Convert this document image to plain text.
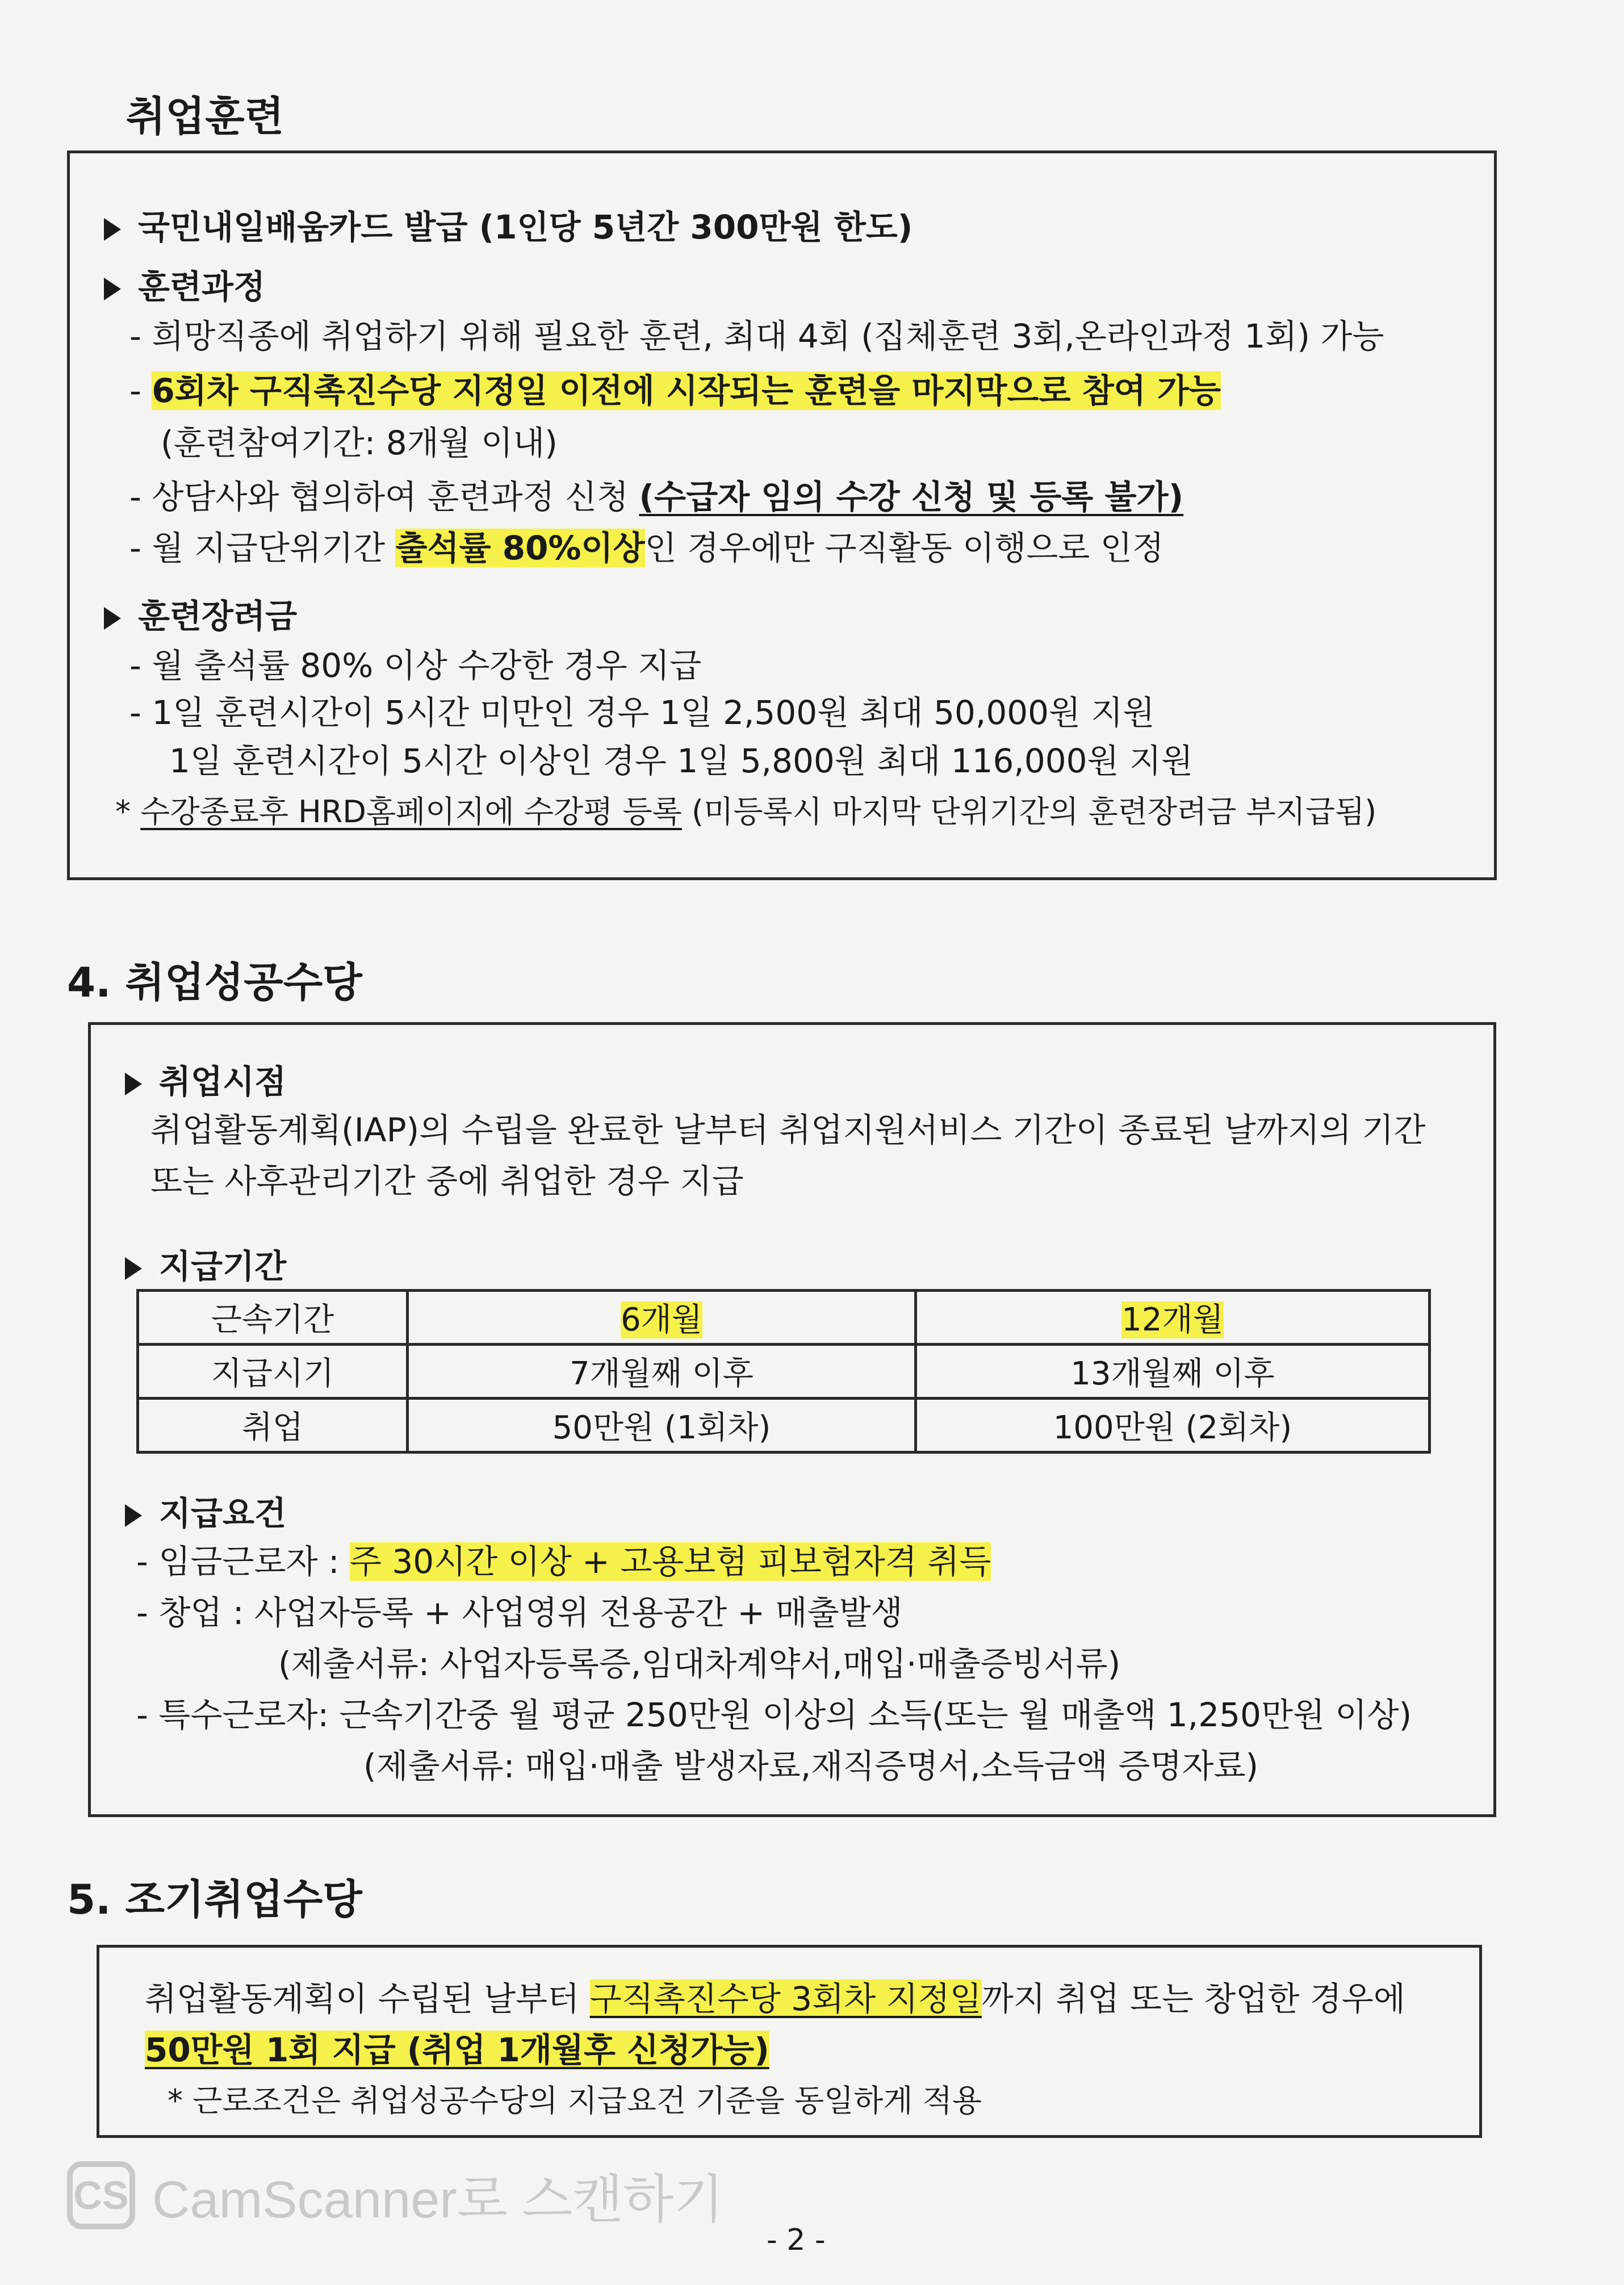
취업훈련
국민내일배움카드 발급 (1인당 5년간 300만원 한도)
훈련과정
- 희망직종에 취업하기 위해 필요한 훈련, 최대 4회 (집체훈련 3회,온라인과정 1회) 가능
- 6회차 구직촉진수당 지정일 이전에 시작되는 훈련을 마지막으로 참여 가능
(훈련참여기간: 8개월 이내)
- 상담사와 협의하여 훈련과정 신청 (수급자 임의 수강 신청 및 등록 불가)
- 월 지급단위기간 출석률 80%이상인 경우에만 구직활동 이행으로 인정
훈련장려금
- 월 출석률 80% 이상 수강한 경우 지급
- 1일 훈련시간이 5시간 미만인 경우 1일 2,500원 최대 50,000원 지원
1일 훈련시간이 5시간 이상인 경우 1일 5,800원 최대 116,000원 지원
* 수강종료후 HRD홈페이지에 수강평 등록 (미등록시 마지막 단위기간의 훈련장려금 부지급됨)
4. 취업성공수당
취업시점
취업활동계획(IAP)의 수립을 완료한 날부터 취업지원서비스 기간이 종료된 날까지의 기간
또는 사후관리기간 중에 취업한 경우 지급
지급기간
근속기간	6개월	12개월
지급시기	7개월째 이후	13개월째 이후
취업	50만원 (1회차)	100만원 (2회차)
지급요건
- 임금근로자 : 주 30시간 이상 + 고용보험 피보험자격 취득
- 창업 : 사업자등록 + 사업영위 전용공간 + 매출발생
(제출서류: 사업자등록증,임대차계약서,매입·매출증빙서류)
- 특수근로자: 근속기간중 월 평균 250만원 이상의 소득(또는 월 매출액 1,250만원 이상)
(제출서류: 매입·매출 발생자료,재직증명서,소득금액 증명자료)
5. 조기취업수당
취업활동계획이 수립된 날부터 구직촉진수당 3회차 지정일까지 취업 또는 창업한 경우에
50만원 1회 지급 (취업 1개월후 신청가능)
* 근로조건은 취업성공수당의 지급요건 기준을 동일하게 적용
CS CamScanner로 스캔하기
- 2 -
